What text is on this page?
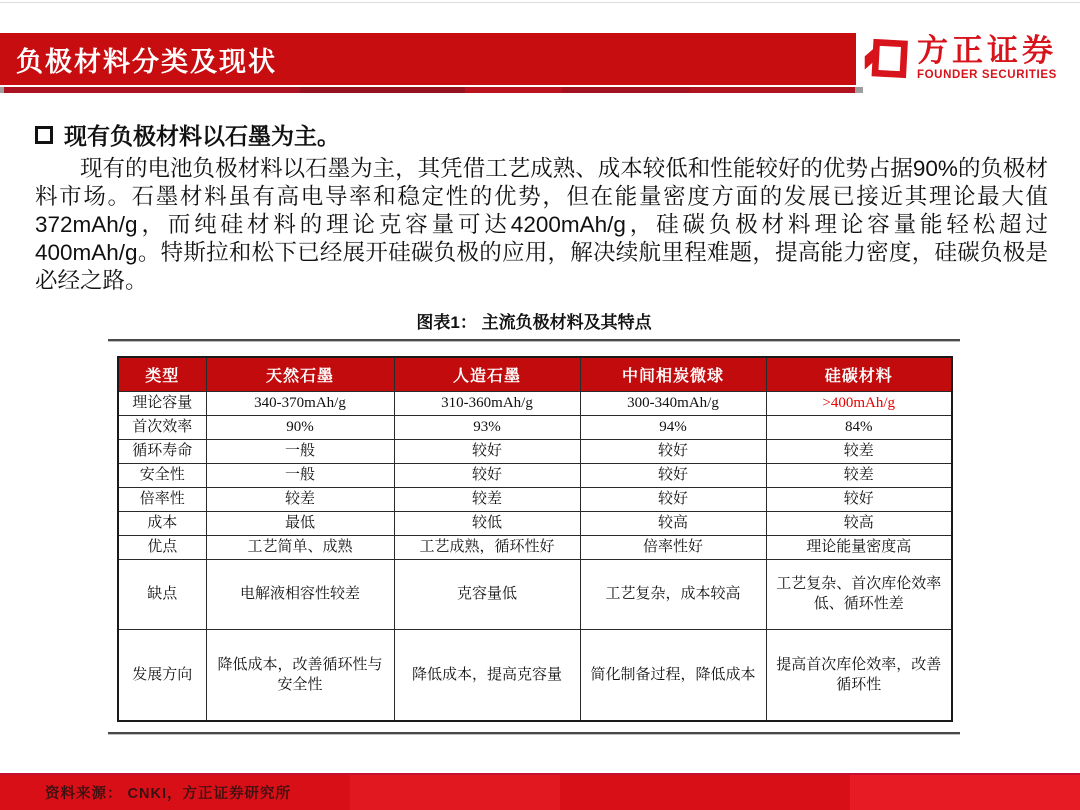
负极材料分类及现状	方正证券
FOUNDER SECURITIES
现有负极材料以石墨为主。

现有的电池负极材料以石墨为主，其凭借工艺成熟、成本较低和性能较好的优势占据90%的负极材料市场。石墨材料虽有高电导率和稳定性的优势，但在能量密度方面的发展已接近其理论最大值372mAh/g，而纯硅材料的理论克容量可达4200mAh/g，硅碳负极材料理论容量能轻松超过400mAh/g。特斯拉和松下已经展开硅碳负极的应用，解决续航里程难题，提高能力密度，硅碳负极是必经之路。

图表1： 主流负极材料及其特点
类型	天然石墨	人造石墨	中间相炭微球	硅碳材料
理论容量	340-370mAh/g	310-360mAh/g	300-340mAh/g	>400mAh/g
首次效率	90%	93%	94%	84%
循环寿命	一般	较好	较好	较差
安全性	一般	较好	较好	较差
倍率性	较差	较差	较好	较好
成本	最低	较低	较高	较高
优点	工艺简单、成熟	工艺成熟，循环性好	倍率性好	理论能量密度高
缺点	电解液相容性较差	克容量低	工艺复杂，成本较高	工艺复杂、首次库伦效率低、循环性差
发展方向	降低成本，改善循环性与安全性	降低成本，提高克容量	简化制备过程，降低成本	提高首次库伦效率，改善循环性
资料来源： CNKI，方正证券研究所
